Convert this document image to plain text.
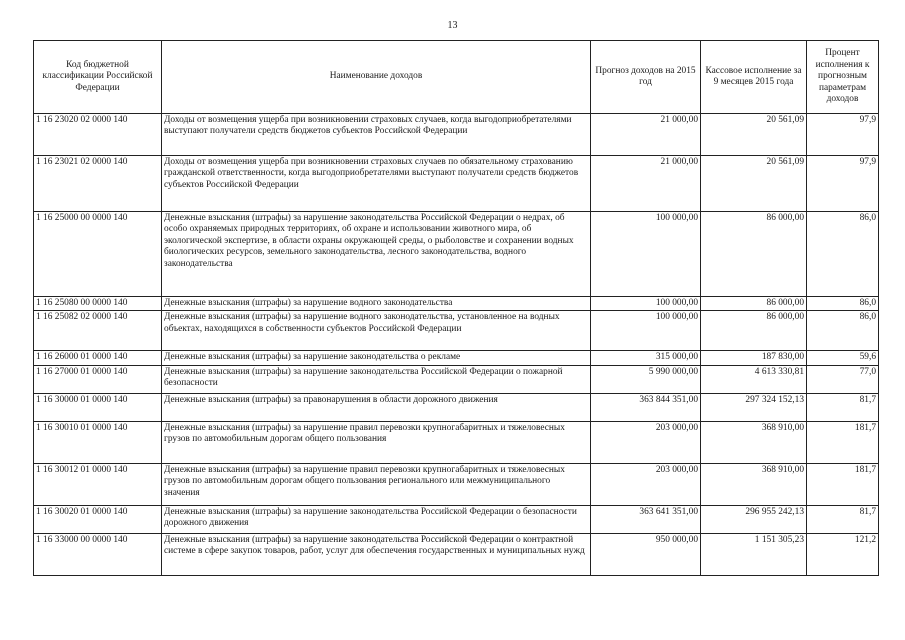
13
Код бюджетной классификации Российской Федерации	Наименование доходов	Прогноз доходов на 2015 год	Кассовое исполнение за 9 месяцев 2015 года	Процент исполнения к прогнозным параметрам доходов
1 16 23020 02 0000 140	Доходы от возмещения ущерба при возникновении страховых случаев, когда выгодоприобретателями выступают получатели средств бюджетов субъектов Российской Федерации	21 000,00	20 561,09	97,9
1 16 23021 02 0000 140	Доходы от возмещения ущерба при возникновении страховых случаев по обязательному страхованию гражданской ответственности, когда выгодоприобретателями выступают получатели средств бюджетов субъектов Российской Федерации	21 000,00	20 561,09	97,9
1 16 25000 00 0000 140	Денежные взыскания (штрафы) за нарушение законодательства Российской Федерации о недрах, об особо охраняемых природных территориях, об охране и использовании животного мира, об экологической экспертизе, в области охраны окружающей среды, о рыболовстве и сохранении водных биологических ресурсов, земельного законодательства, лесного законодательства, водного законодательства	100 000,00	86 000,00	86,0
1 16 25080 00 0000 140	Денежные взыскания (штрафы) за нарушение водного законодательства	100 000,00	86 000,00	86,0
1 16 25082 02 0000 140	Денежные взыскания (штрафы) за нарушение водного законодательства, установленное на водных объектах, находящихся в собственности субъектов Российской Федерации	100 000,00	86 000,00	86,0
1 16 26000 01 0000 140	Денежные взыскания (штрафы) за нарушение законодательства о рекламе	315 000,00	187 830,00	59,6
1 16 27000 01 0000 140	Денежные взыскания (штрафы) за нарушение законодательства Российской Федерации о пожарной безопасности	5 990 000,00	4 613 330,81	77,0
1 16 30000 01 0000 140	Денежные взыскания (штрафы) за правонарушения в области дорожного движения	363 844 351,00	297 324 152,13	81,7
1 16 30010 01 0000 140	Денежные взыскания (штрафы) за нарушение правил перевозки крупногабаритных и тяжеловесных грузов по автомобильным дорогам общего пользования	203 000,00	368 910,00	181,7
1 16 30012 01 0000 140	Денежные взыскания (штрафы) за нарушение правил перевозки крупногабаритных и тяжеловесных грузов по автомобильным дорогам общего пользования регионального или межмуниципального значения	203 000,00	368 910,00	181,7
1 16 30020 01 0000 140	Денежные взыскания (штрафы) за нарушение законодательства Российской Федерации о безопасности дорожного движения	363 641 351,00	296 955 242,13	81,7
1 16 33000 00 0000 140	Денежные взыскания (штрафы) за нарушение законодательства Российской Федерации о контрактной системе в сфере закупок товаров, работ, услуг для обеспечения государственных и муниципальных нужд	950 000,00	1 151 305,23	121,2
